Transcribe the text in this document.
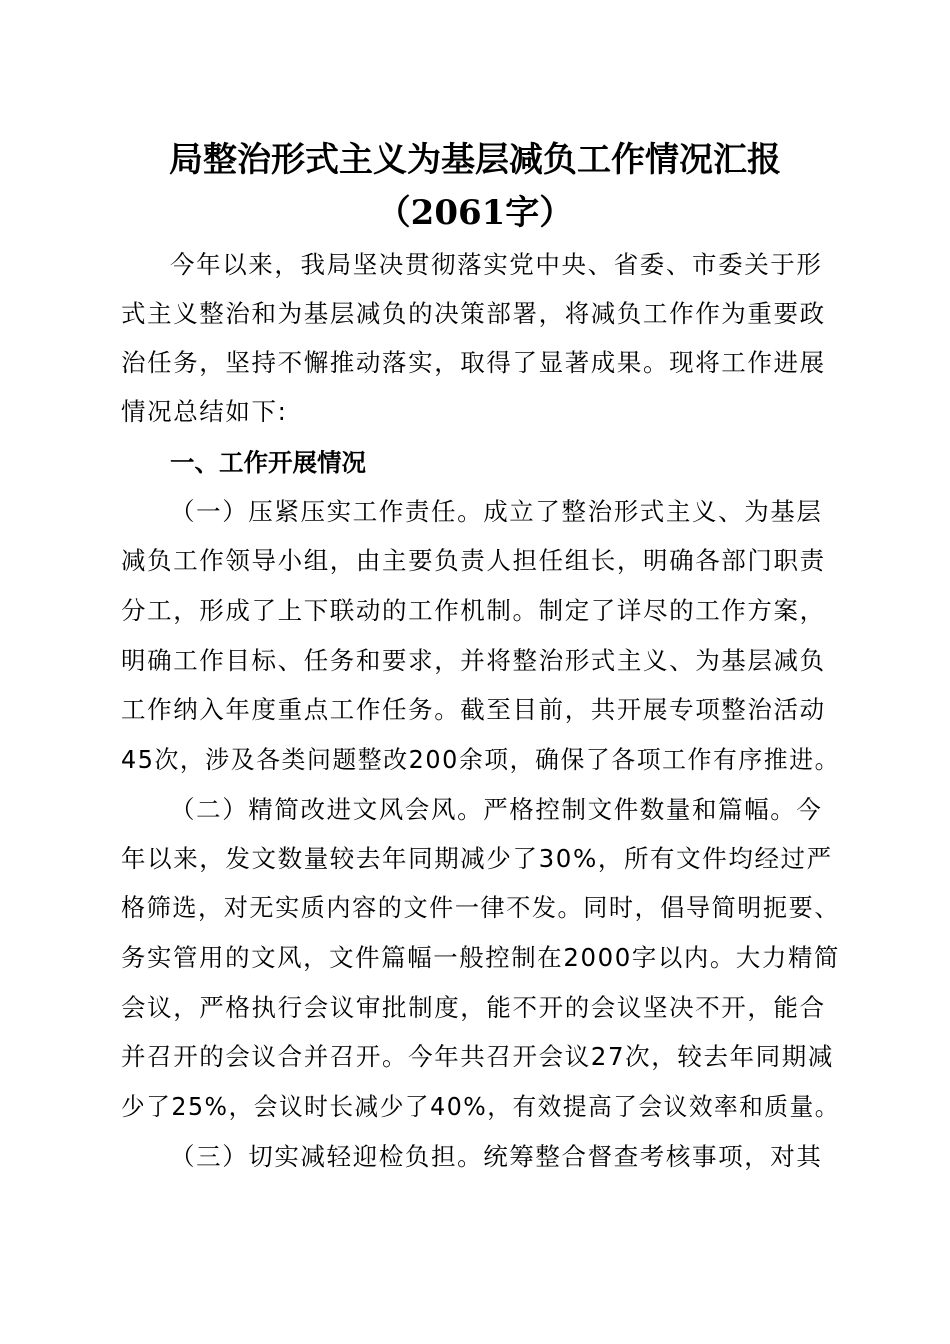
局整治形式主义为基层减负工作情况汇报
（2061字）
今年以来，我局坚决贯彻落实党中央、省委、市委关于形
式主义整治和为基层减负的决策部署，将减负工作作为重要政
治任务，坚持不懈推动落实，取得了显著成果。现将工作进展
情况总结如下:
一、工作开展情况
（一）压紧压实工作责任。成立了整治形式主义、为基层
减负工作领导小组，由主要负责人担任组长，明确各部门职责
分工，形成了上下联动的工作机制。制定了详尽的工作方案，
明确工作目标、任务和要求，并将整治形式主义、为基层减负
工作纳入年度重点工作任务。截至目前，共开展专项整治活动
45次，涉及各类问题整改200余项，确保了各项工作有序推进。
（二）精简改进文风会风。严格控制文件数量和篇幅。今
年以来，发文数量较去年同期减少了30%，所有文件均经过严
格筛选，对无实质内容的文件一律不发。同时，倡导简明扼要、
务实管用的文风，文件篇幅一般控制在2000字以内。大力精简
会议，严格执行会议审批制度，能不开的会议坚决不开，能合
并召开的会议合并召开。今年共召开会议27次，较去年同期减
少了25%，会议时长减少了40%，有效提高了会议效率和质量。
（三）切实减轻迎检负担。统筹整合督查考核事项，对其
